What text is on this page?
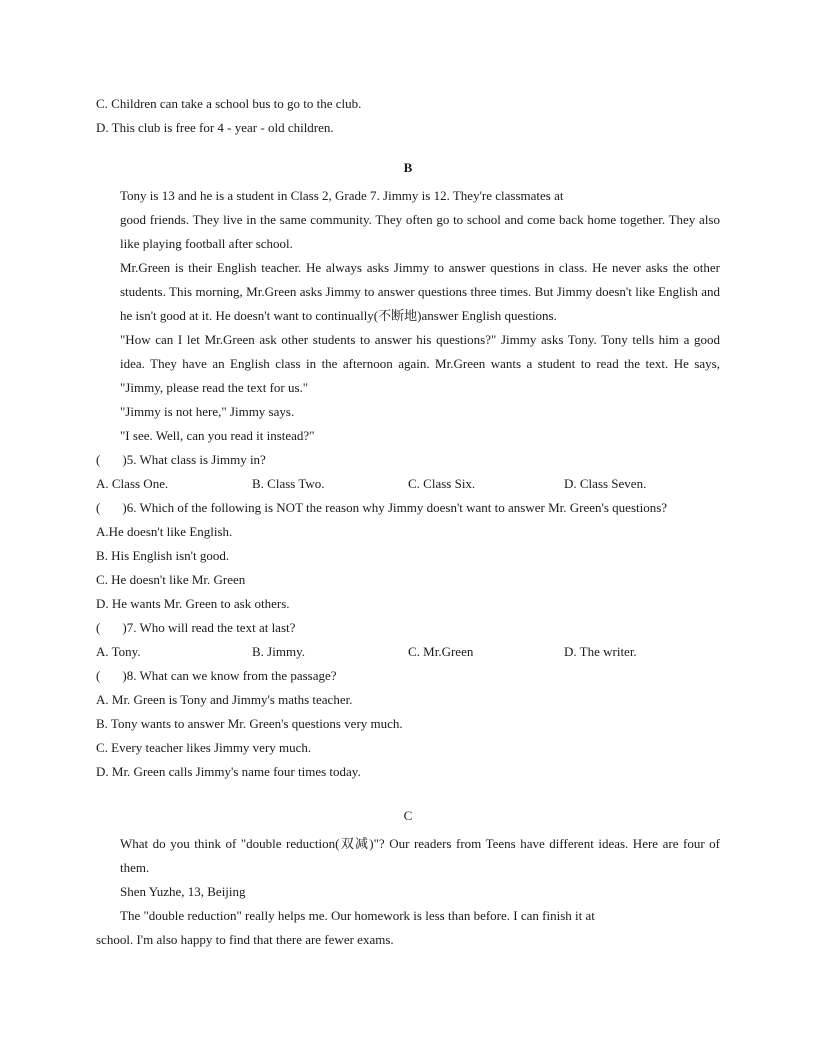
C. Children can take a school bus to go to the club.
D. This club is free for 4 - year - old children.
B
Tony is 13 and he is a student in Class 2, Grade 7. Jimmy is 12. They're classmates at
good friends. They live in the same community. They often go to school and come back home together. They also like playing football after school.
Mr.Green is their English teacher. He always asks Jimmy to answer questions in class. He never asks the other students. This morning, Mr.Green asks Jimmy to answer questions three times. But Jimmy doesn't like English and he isn't good at it. He doesn't want to continually(不断地)answer English questions.
"How can I let Mr.Green ask other students to answer his questions?" Jimmy asks Tony. Tony tells him a good idea. They have an English class in the afternoon again. Mr.Green wants a student to read the text. He says, "Jimmy, please read the text for us."
"Jimmy is not here," Jimmy says.
"I see. Well, can you read it instead?"
( )5. What class is Jimmy in?
A. Class One.	B. Class Two.	C. Class Six.	D. Class Seven.
( )6. Which of the following is NOT the reason why Jimmy doesn't want to answer Mr. Green's questions?
A.He doesn't like English.
B. His English isn't good.
C. He doesn't like Mr. Green
D. He wants Mr. Green to ask others.
( )7. Who will read the text at last?
A. Tony.	B. Jimmy.	C. Mr.Green	D. The writer.
( )8. What can we know from the passage?
A. Mr. Green is Tony and Jimmy's maths teacher.
B. Tony wants to answer Mr. Green's questions very much.
C. Every teacher likes Jimmy very much.
D. Mr. Green calls Jimmy's name four times today.
C
What do you think of "double reduction(双减)"? Our readers from Teens have different ideas. Here are four of them.
Shen Yuzhe, 13, Beijing
The "double reduction" really helps me. Our homework is less than before. I can finish it at
school. I'm also happy to find that there are fewer exams.
